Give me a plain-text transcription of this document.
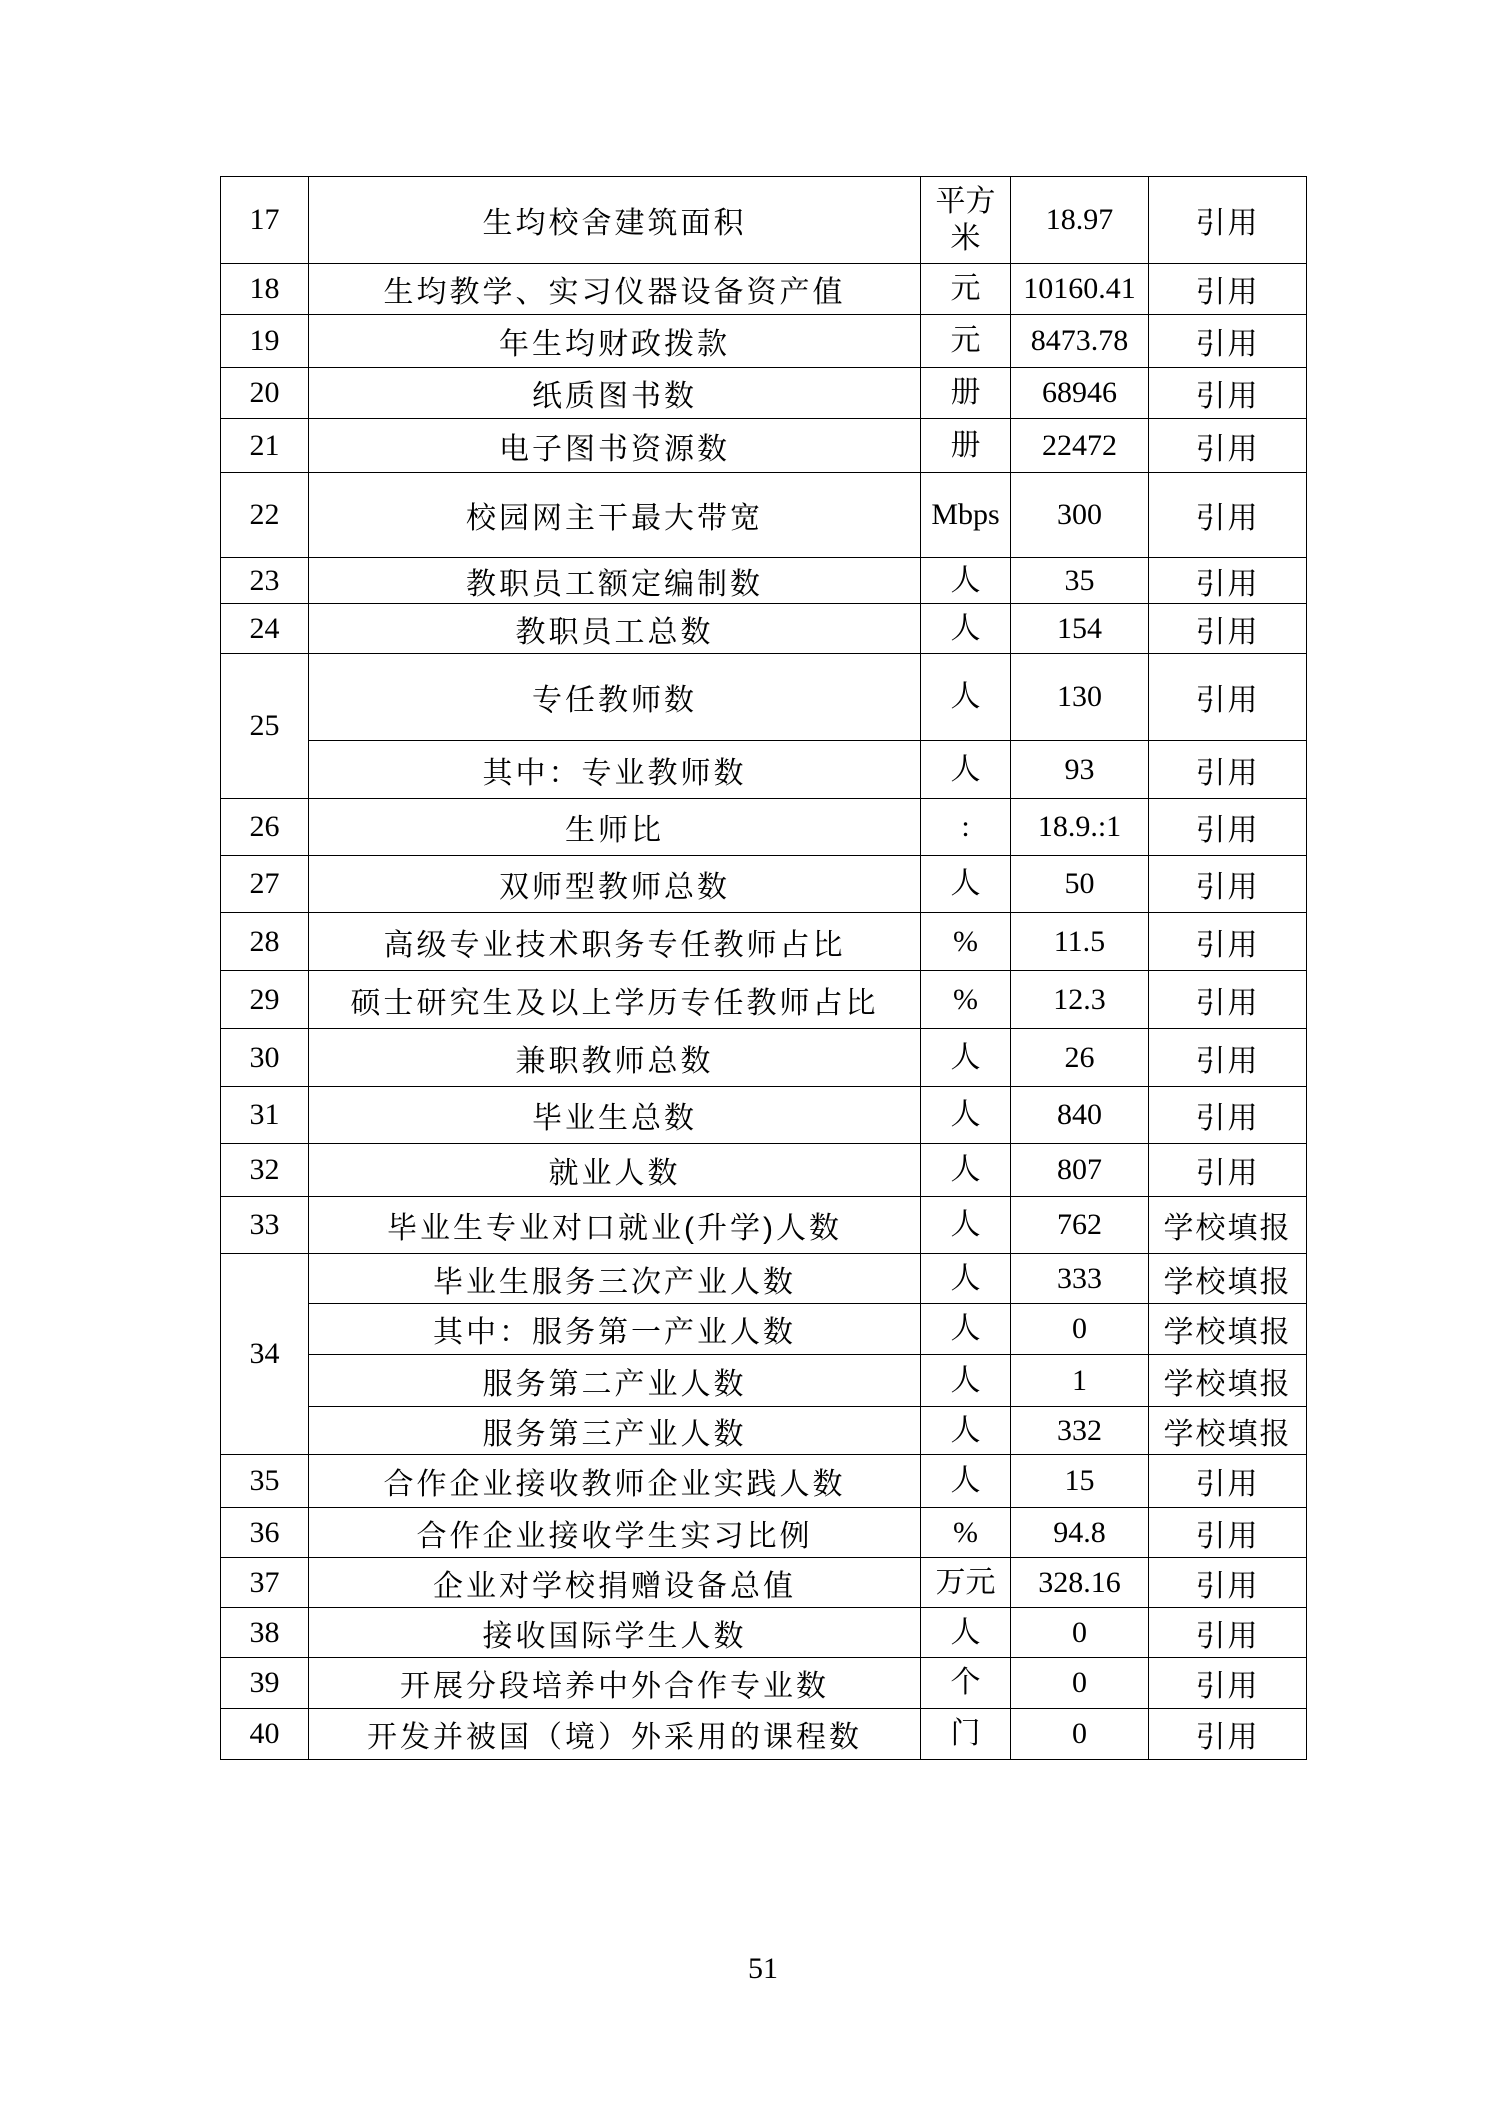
17	生均校舍建筑面积	平方米	18.97	引用
18	生均教学、实习仪器设备资产值	元	10160.41	引用
19	年生均财政拨款	元	8473.78	引用
20	纸质图书数	册	68946	引用
21	电子图书资源数	册	22472	引用
22	校园网主干最大带宽	Mbps	300	引用
23	教职员工额定编制数	人	35	引用
24	教职员工总数	人	154	引用
25	专任教师数	人	130	引用
	其中：专业教师数	人	93	引用
26	生师比	:	18.9.:1	引用
27	双师型教师总数	人	50	引用
28	高级专业技术职务专任教师占比	%	11.5	引用
29	硕士研究生及以上学历专任教师占比	%	12.3	引用
30	兼职教师总数	人	26	引用
31	毕业生总数	人	840	引用
32	就业人数	人	807	引用
33	毕业生专业对口就业(升学)人数	人	762	学校填报
34	毕业生服务三次产业人数	人	333	学校填报
	其中：服务第一产业人数	人	0	学校填报
	服务第二产业人数	人	1	学校填报
	服务第三产业人数	人	332	学校填报
35	合作企业接收教师企业实践人数	人	15	引用
36	合作企业接收学生实习比例	%	94.8	引用
37	企业对学校捐赠设备总值	万元	328.16	引用
38	接收国际学生人数	人	0	引用
39	开展分段培养中外合作专业数	个	0	引用
40	开发并被国（境）外采用的课程数	门	0	引用
51
